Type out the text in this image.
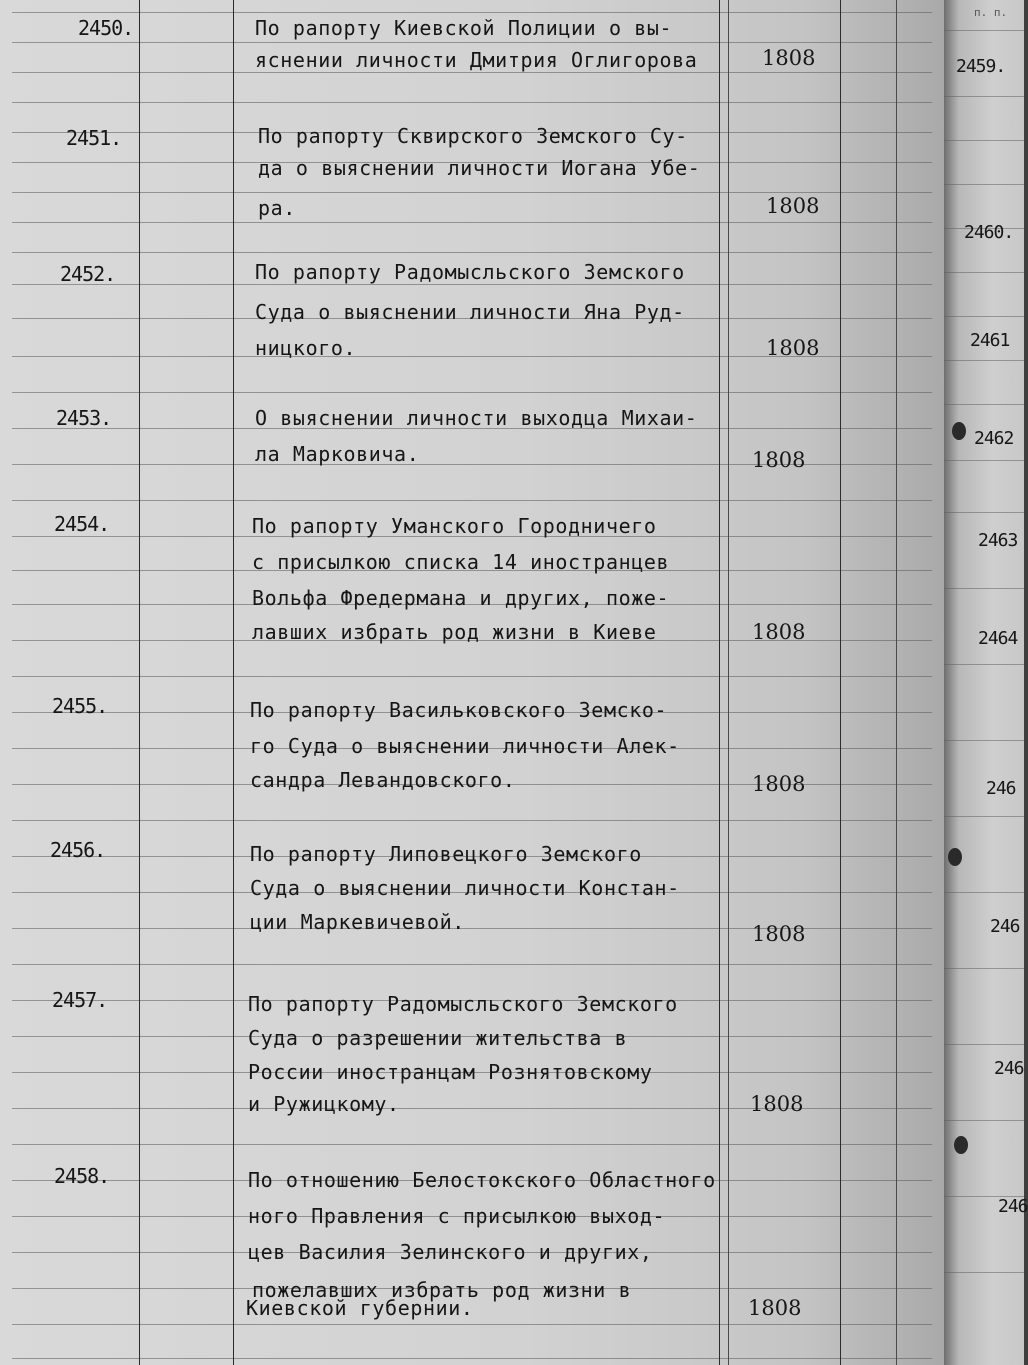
2450.	По рапорту Киевской Полиции о вы-
яснении личности Дмитрия Оглигорова	1808
2451.	По рапорту Сквирского Земского Су-
да о выяснении личности Иогана Убе-
ра.	1808
2452.	По рапорту Радомысльского Земского
Суда о выяснении личности Яна Руд-
ницкого.	1808
2453.	О выяснении личности выходца Михаи-
ла Марковича.	1808
2454.	По рапорту Уманского Городничего
с присылкою списка 14 иностранцев
Вольфа Фредермана и других, поже-
лавших избрать род жизни в Киеве	1808
2455.	По рапорту Васильковского Земско-
го Суда о выяснении личности Алек-
сандра Левандовского.	1808
2456.	По рапорту Липовецкого Земского
Суда о выяснении личности Констан-
ции Маркевичевой.	1808
2457.	По рапорту Радомысльского Земского
Суда о разрешении жительства в
России иностранцам Рознятовскому
и Ружицкому.	1808
2458.	По отношению Белостокского Областного
ного Правления с присылкою выход-
цев Василия Зелинского и других,
пожелавших избрать род жизни в
Киевской губернии.	1808
п. п.
2459.
2460.
2461
2462
2463
2464
246
246
246
246
